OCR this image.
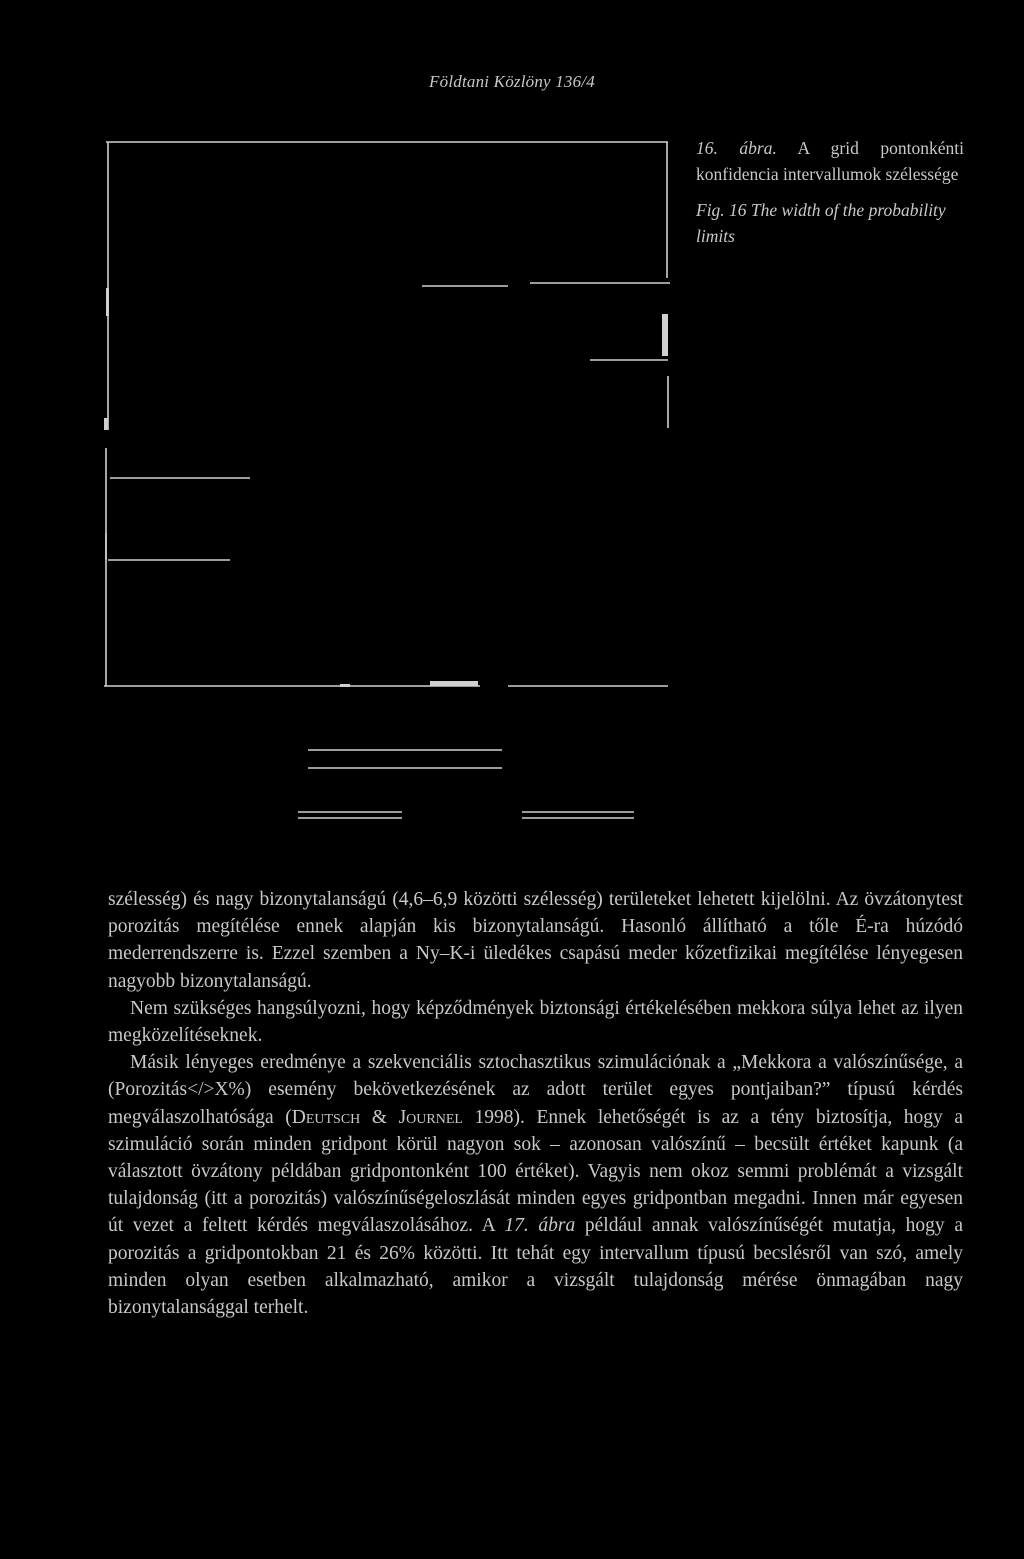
Földtani Közlöny 136/4

16. ábra. A grid pontonkénti konfidencia intervallumok szélessége

Fig. 16 The width of the probability limits

szélesség) és nagy bizonytalanságú (4,6–6,9 közötti szélesség) területeket lehetett kijelölni. Az övzátonytest porozitás megítélése ennek alapján kis bizonytalanságú. Hasonló állítható a tőle É-ra húzódó mederrendszerre is. Ezzel szemben a Ny–K-i üledékes csapású meder kőzetfizikai megítélése lényegesen nagyobb bizonytalanságú.

Nem szükséges hangsúlyozni, hogy képződmények biztonsági értékelésében mekkora súlya lehet az ilyen megközelítéseknek.

Másik lényeges eredménye a szekvenciális sztochasztikus szimulációnak a „Mekkora a valószínűsége, a (Porozitás</>X%) esemény bekövetkezésének az adott terület egyes pontjaiban?” típusú kérdés megválaszolhatósága (Deutsch & Journel 1998). Ennek lehetőségét is az a tény biztosítja, hogy a szimuláció során minden gridpont körül nagyon sok – azonosan valószínű – becsült értéket kapunk (a választott övzátony példában gridpontonként 100 értéket). Vagyis nem okoz semmi problémát a vizsgált tulajdonság (itt a porozitás) valószínűségeloszlását minden egyes gridpontban megadni. Innen már egyesen út vezet a feltett kérdés megválaszolásához. A 17. ábra például annak valószínűségét mutatja, hogy a porozitás a gridpontokban 21 és 26% közötti. Itt tehát egy intervallum típusú becslésről van szó, amely minden olyan esetben alkalmazható, amikor a vizsgált tulajdonság mérése önmagában nagy bizonytalansággal terhelt.
